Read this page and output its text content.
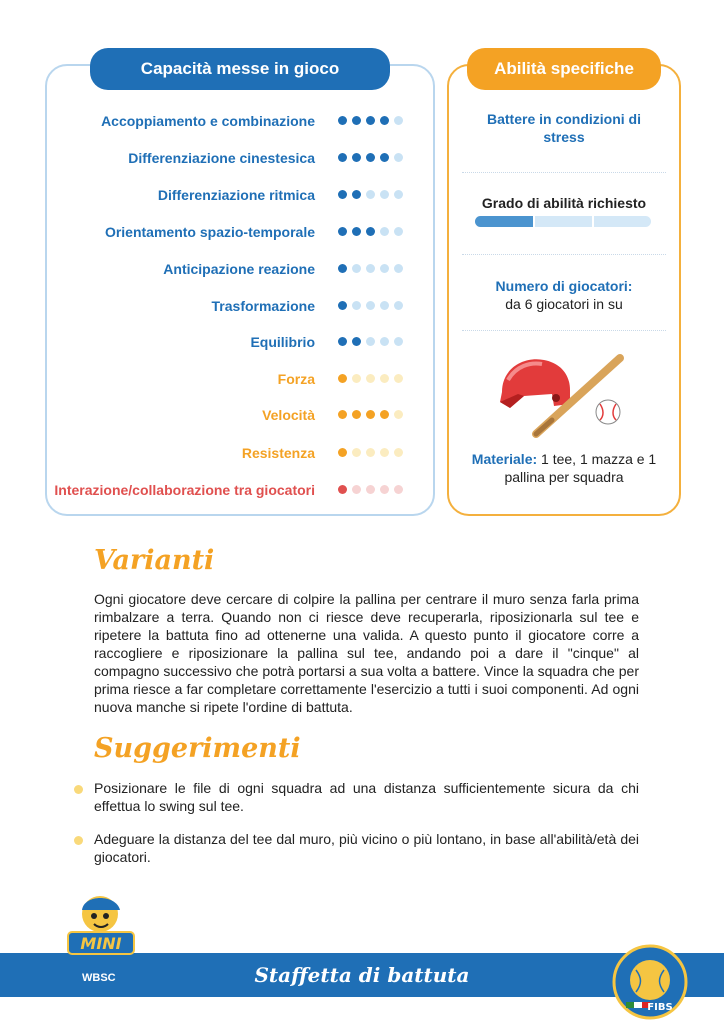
Capacità messe in gioco
Accoppiamento e combinazione
Differenziazione cinestesica
Differenziazione ritmica
Orientamento spazio-temporale
Anticipazione reazione
Trasformazione
Equilibrio
Forza
Velocità
Resistenza
Interazione/collaborazione tra giocatori
Abilità specifiche
Battere in condizioni di stress
Grado di abilità richiesto
Numero di giocatori:
da 6 giocatori in su
Materiale: 1 tee, 1 mazza e 1 pallina per squadra
Varianti

Ogni giocatore deve cercare di colpire la pallina per centrare il muro senza farla prima rimbalzare a terra. Quando non ci riesce deve recuperarla, riposizionarla sul tee e ripetere la battuta fino ad ottenerne una valida. A questo punto il giocatore corre a raccogliere e riposizionare la pallina sul tee, andando poi a dare il "cinque" al compagno successivo che potrà portarsi a sua volta a battere. Vince la squadra che per prima riesce a far completare correttamente l'esercizio a tutti i suoi componenti. Ad ogni nuova manche si ripete l'ordine di battuta.

Suggerimenti

Posizionare le file di ogni squadra ad una distanza sufficientemente sicura da chi effettua lo swing sul tee.

Adeguare la distanza del tee dal muro, più vicino o più lontano, in base all'abilità/età dei giocatori.

Staffetta di battuta
MINI
WBSC
FIBS
